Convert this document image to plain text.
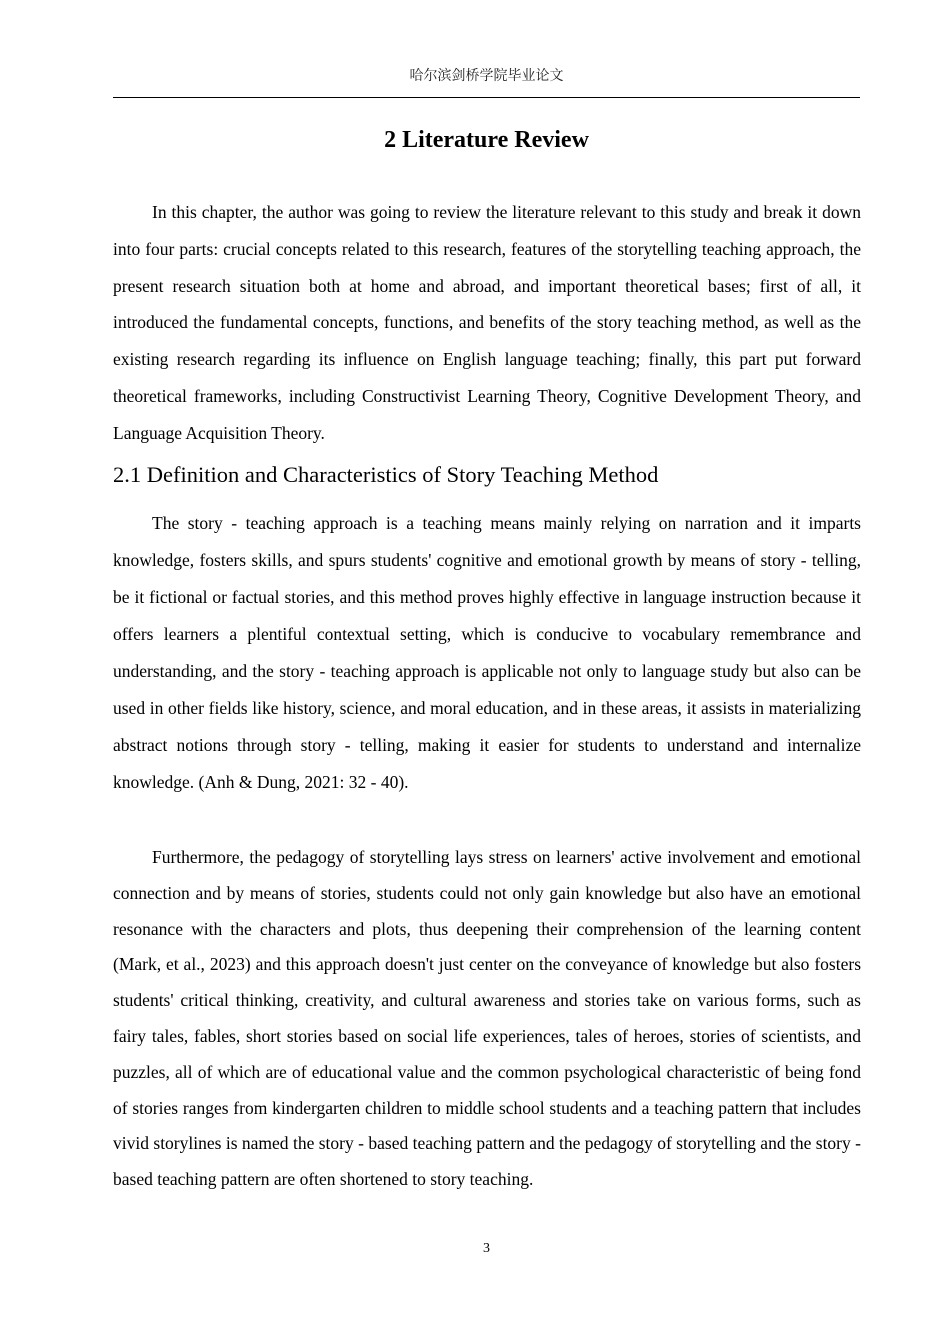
哈尔滨剑桥学院毕业论文
2 Literature Review

In this chapter, the author was going to review the literature relevant to this study and break it down into four parts: crucial concepts related to this research, features of the storytelling teaching approach, the present research situation both at home and abroad, and important theoretical bases; first of all, it introduced the fundamental concepts, functions, and benefits of the story teaching method, as well as the existing research regarding its influence on English language teaching; finally, this part put forward theoretical frameworks, including Constructivist Learning Theory, Cognitive Development Theory, and Language Acquisition Theory.

2.1 Definition and Characteristics of Story Teaching Method

The story - teaching approach is a teaching means mainly relying on narration and it imparts knowledge, fosters skills, and spurs students' cognitive and emotional growth by means of story - telling, be it fictional or factual stories, and this method proves highly effective in language instruction because it offers learners a plentiful contextual setting, which is conducive to vocabulary remembrance and understanding, and the story - teaching approach is applicable not only to language study but also can be used in other fields like history, science, and moral education, and in these areas, it assists in materializing abstract notions through story - telling, making it easier for students to understand and internalize knowledge. (Anh & Dung, 2021: 32 - 40).

Furthermore, the pedagogy of storytelling lays stress on learners' active involvement and emotional connection and by means of stories, students could not only gain knowledge but also have an emotional resonance with the characters and plots, thus deepening their comprehension of the learning content (Mark, et al., 2023) and this approach doesn't just center on the conveyance of knowledge but also fosters students' critical thinking, creativity, and cultural awareness and stories take on various forms, such as fairy tales, fables, short stories based on social life experiences, tales of heroes, stories of scientists, and puzzles, all of which are of educational value and the common psychological characteristic of being fond of stories ranges from kindergarten children to middle school students and a teaching pattern that includes vivid storylines is named the story - based teaching pattern and the pedagogy of storytelling and the story - based teaching pattern are often shortened to story teaching.

3
